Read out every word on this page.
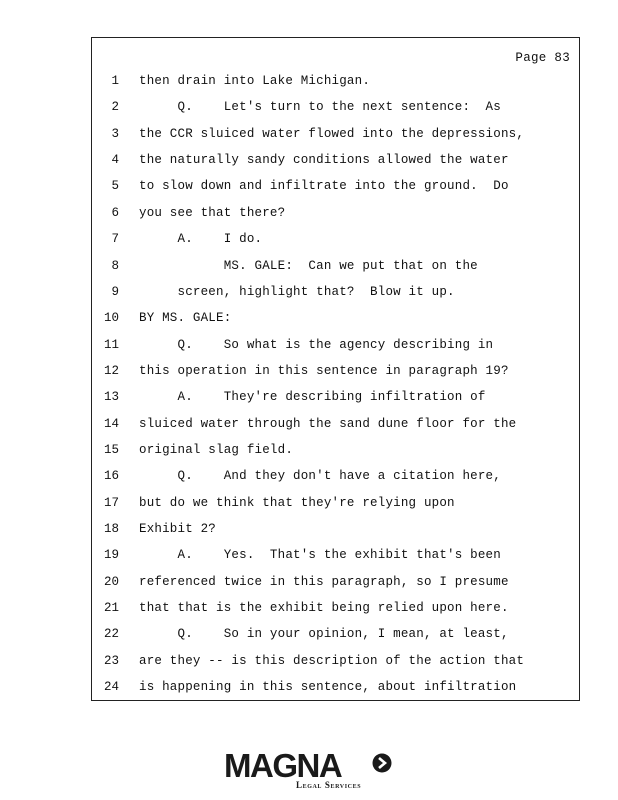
Page 83
1 then drain into Lake Michigan.
2 Q.    Let's turn to the next sentence:  As
3 the CCR sluiced water flowed into the depressions,
4 the naturally sandy conditions allowed the water
5 to slow down and infiltrate into the ground.  Do
6 you see that there?
7 A.    I do.
8 MS. GALE:  Can we put that on the
9 screen, highlight that?  Blow it up.
10 BY MS. GALE:
11 Q.    So what is the agency describing in
12 this operation in this sentence in paragraph 19?
13 A.    They're describing infiltration of
14 sluiced water through the sand dune floor for the
15 original slag field.
16 Q.    And they don't have a citation here,
17 but do we think that they're relying upon
18 Exhibit 2?
19 A.    Yes.  That's the exhibit that's been
20 referenced twice in this paragraph, so I presume
21 that that is the exhibit being relied upon here.
22 Q.    So in your opinion, I mean, at least,
23 are they -- is this description of the action that
24 is happening in this sentence, about infiltration
MAGNA
Legal Services
